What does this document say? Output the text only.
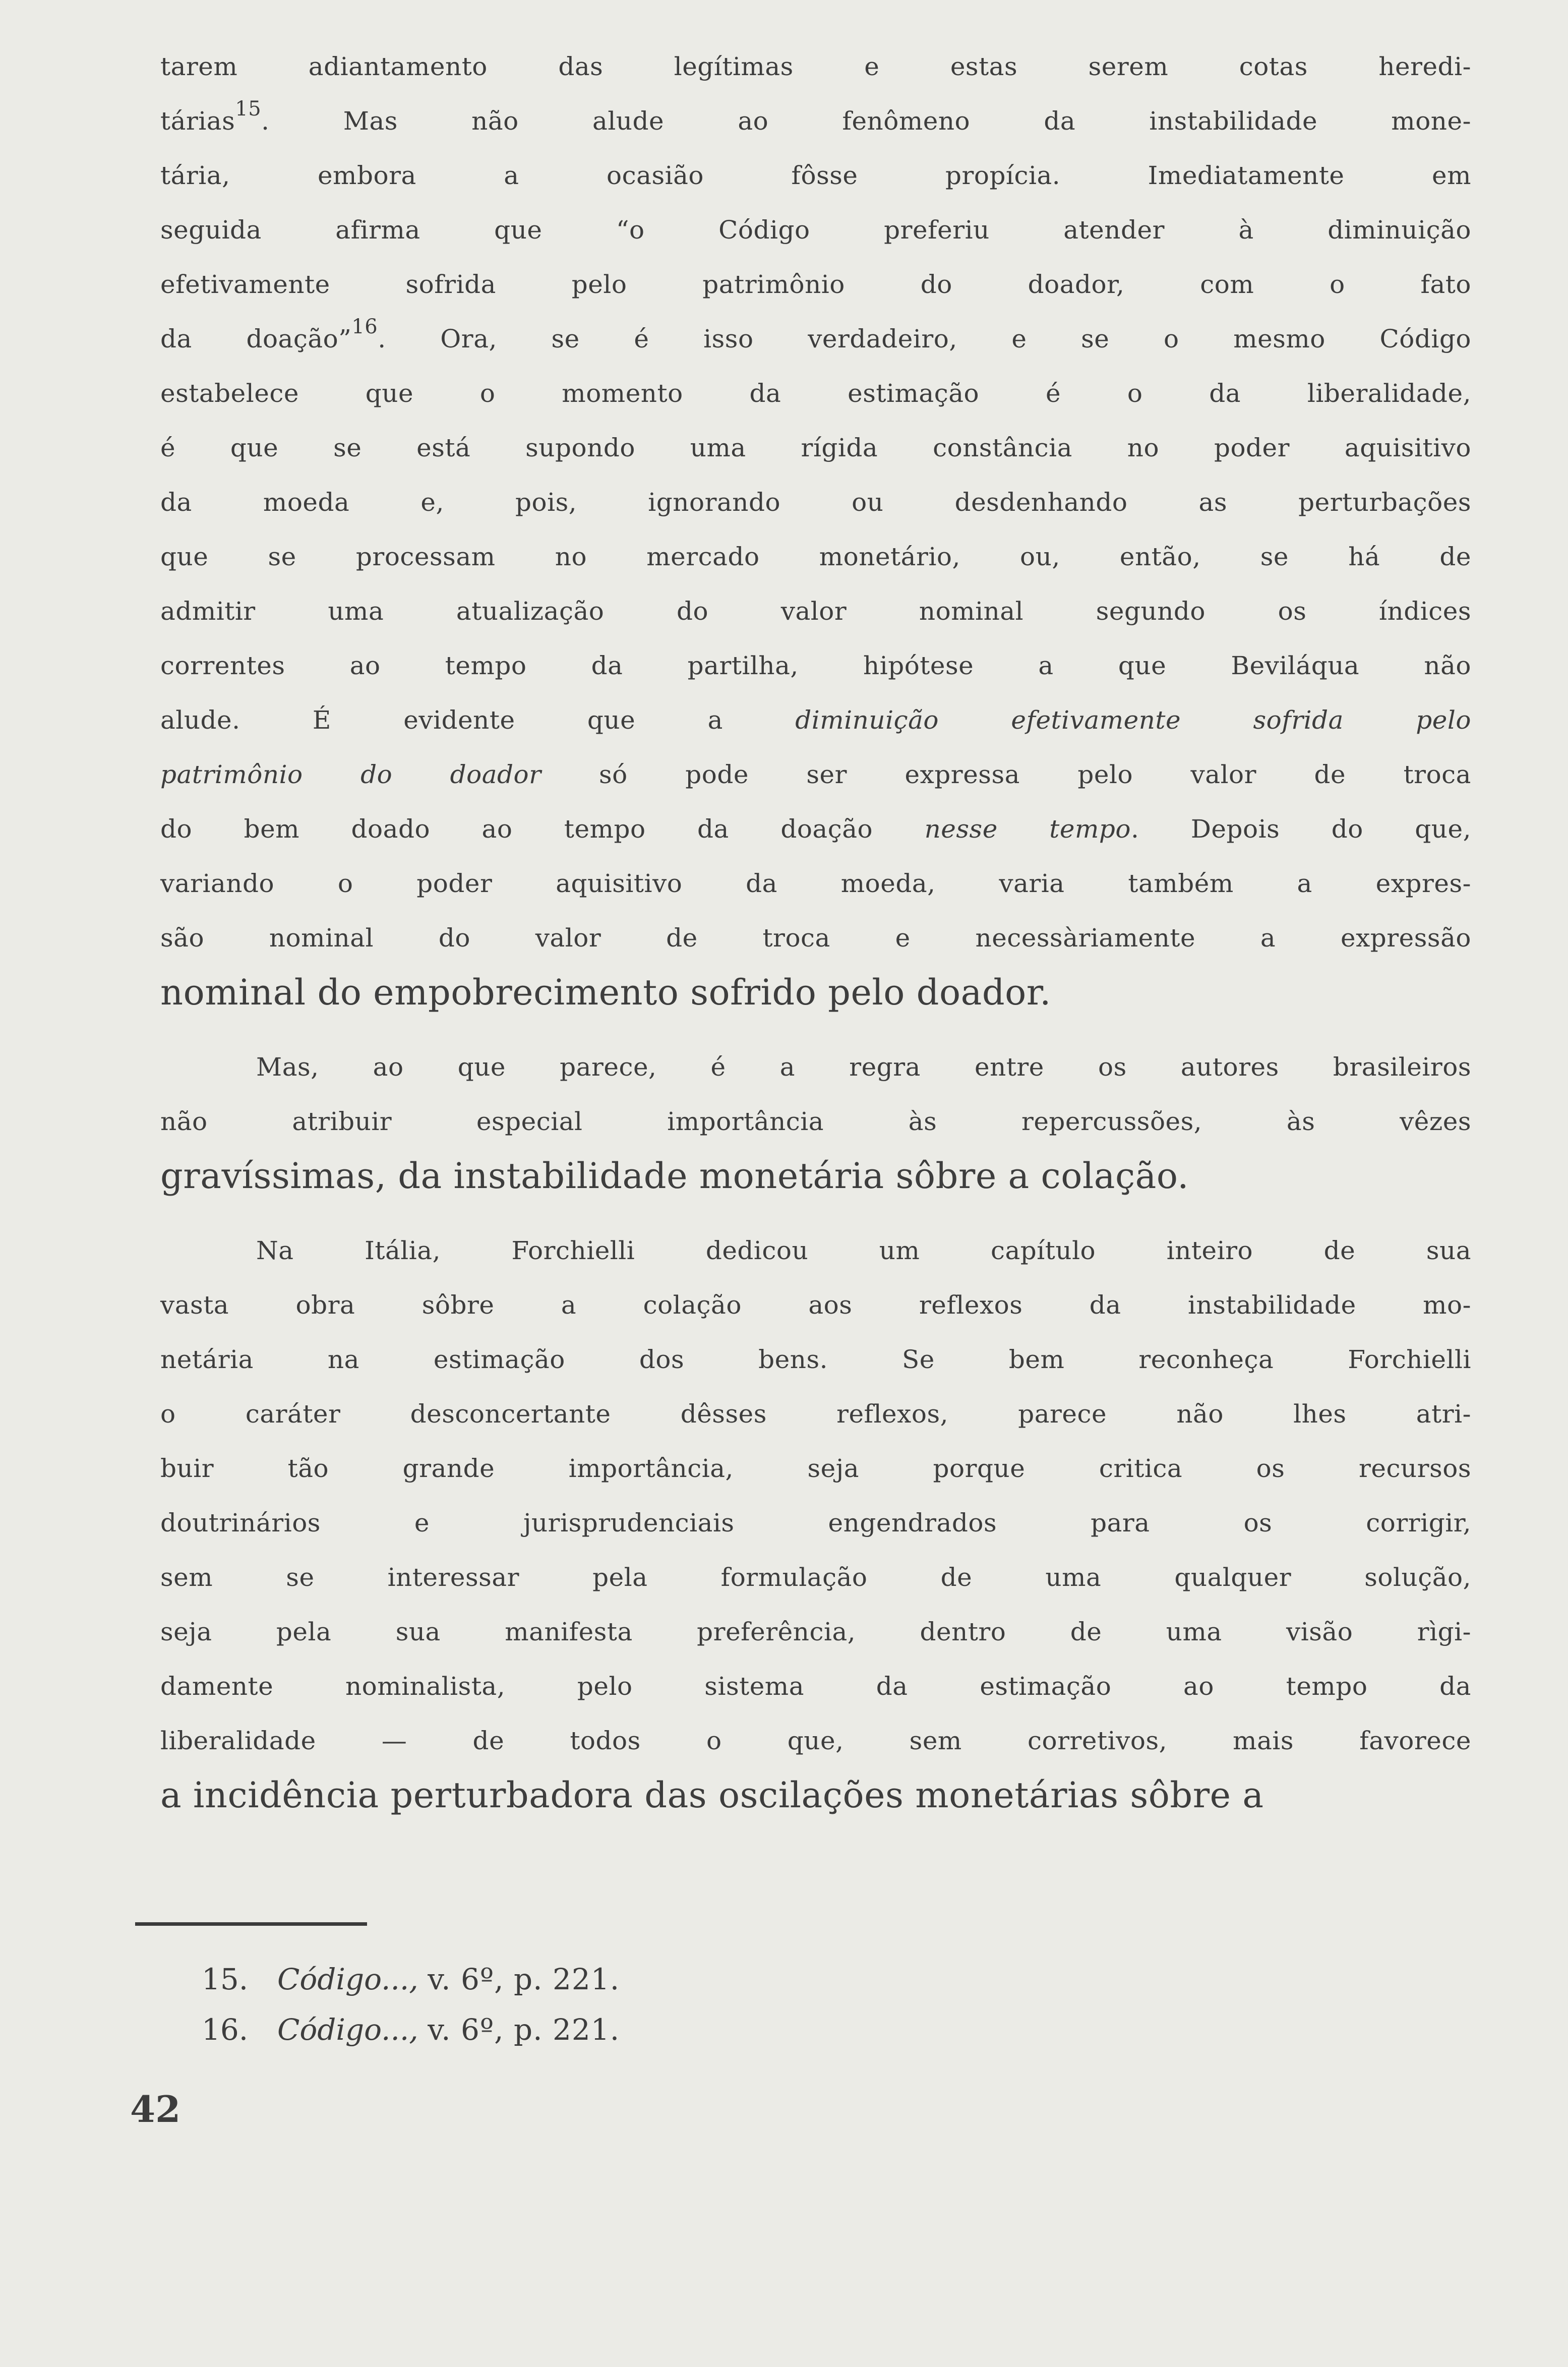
tarem adiantamento das legítimas e estas serem cotas heredi-
tárias$^{15}$. Mas não alude ao fenômeno da instabilidade mone-
tária, embora a ocasião fôsse propícia. Imediatamente em
seguida afirma que “o Código preferiu atender à diminuição
efetivamente sofrida pelo patrimônio do doador, com o fato
da doação”$^{16}$. Ora, se é isso verdadeiro, e se o mesmo Código
estabelece que o momento da estimação é o da liberalidade,
é que se está supondo uma rígida constância no poder aquisitivo
da moeda e, pois, ignorando ou desdenhando as perturbações
que se processam no mercado monetário, ou, então, se há de
admitir uma atualização do valor nominal segundo os índices
correntes ao tempo da partilha, hipótese a que Beviláqua não
alude. É evidente que a diminuição efetivamente sofrida pelo
patrimônio do doador só pode ser expressa pelo valor de troca
do bem doado ao tempo da doação nesse tempo. Depois do que,
variando o poder aquisitivo da moeda, varia também a expres-
são nominal do valor de troca e necessàriamente a expressão
nominal do empobrecimento sofrido pelo doador.
Mas, ao que parece, é a regra entre os autores brasileiros
não atribuir especial importância às repercussões, às vêzes
gravíssimas, da instabilidade monetária sôbre a colação.
Na Itália, Forchielli dedicou um capítulo inteiro de sua
vasta obra sôbre a colação aos reflexos da instabilidade mo-
netária na estimação dos bens. Se bem reconheça Forchielli
o caráter desconcertante dêsses reflexos, parece não lhes atri-
buir tão grande importância, seja porque critica os recursos
doutrinários e jurisprudenciais engendrados para os corrigir,
sem se interessar pela formulação de uma qualquer solução,
seja pela sua manifesta preferência, dentro de uma visão rìgi-
damente nominalista, pelo sistema da estimação ao tempo da
liberalidade — de todos o que, sem corretivos, mais favorece
a incidência perturbadora das oscilações monetárias sôbre a
15. Código..., v. 6º, p. 221.
16. Código..., v. 6º, p. 221.
42
